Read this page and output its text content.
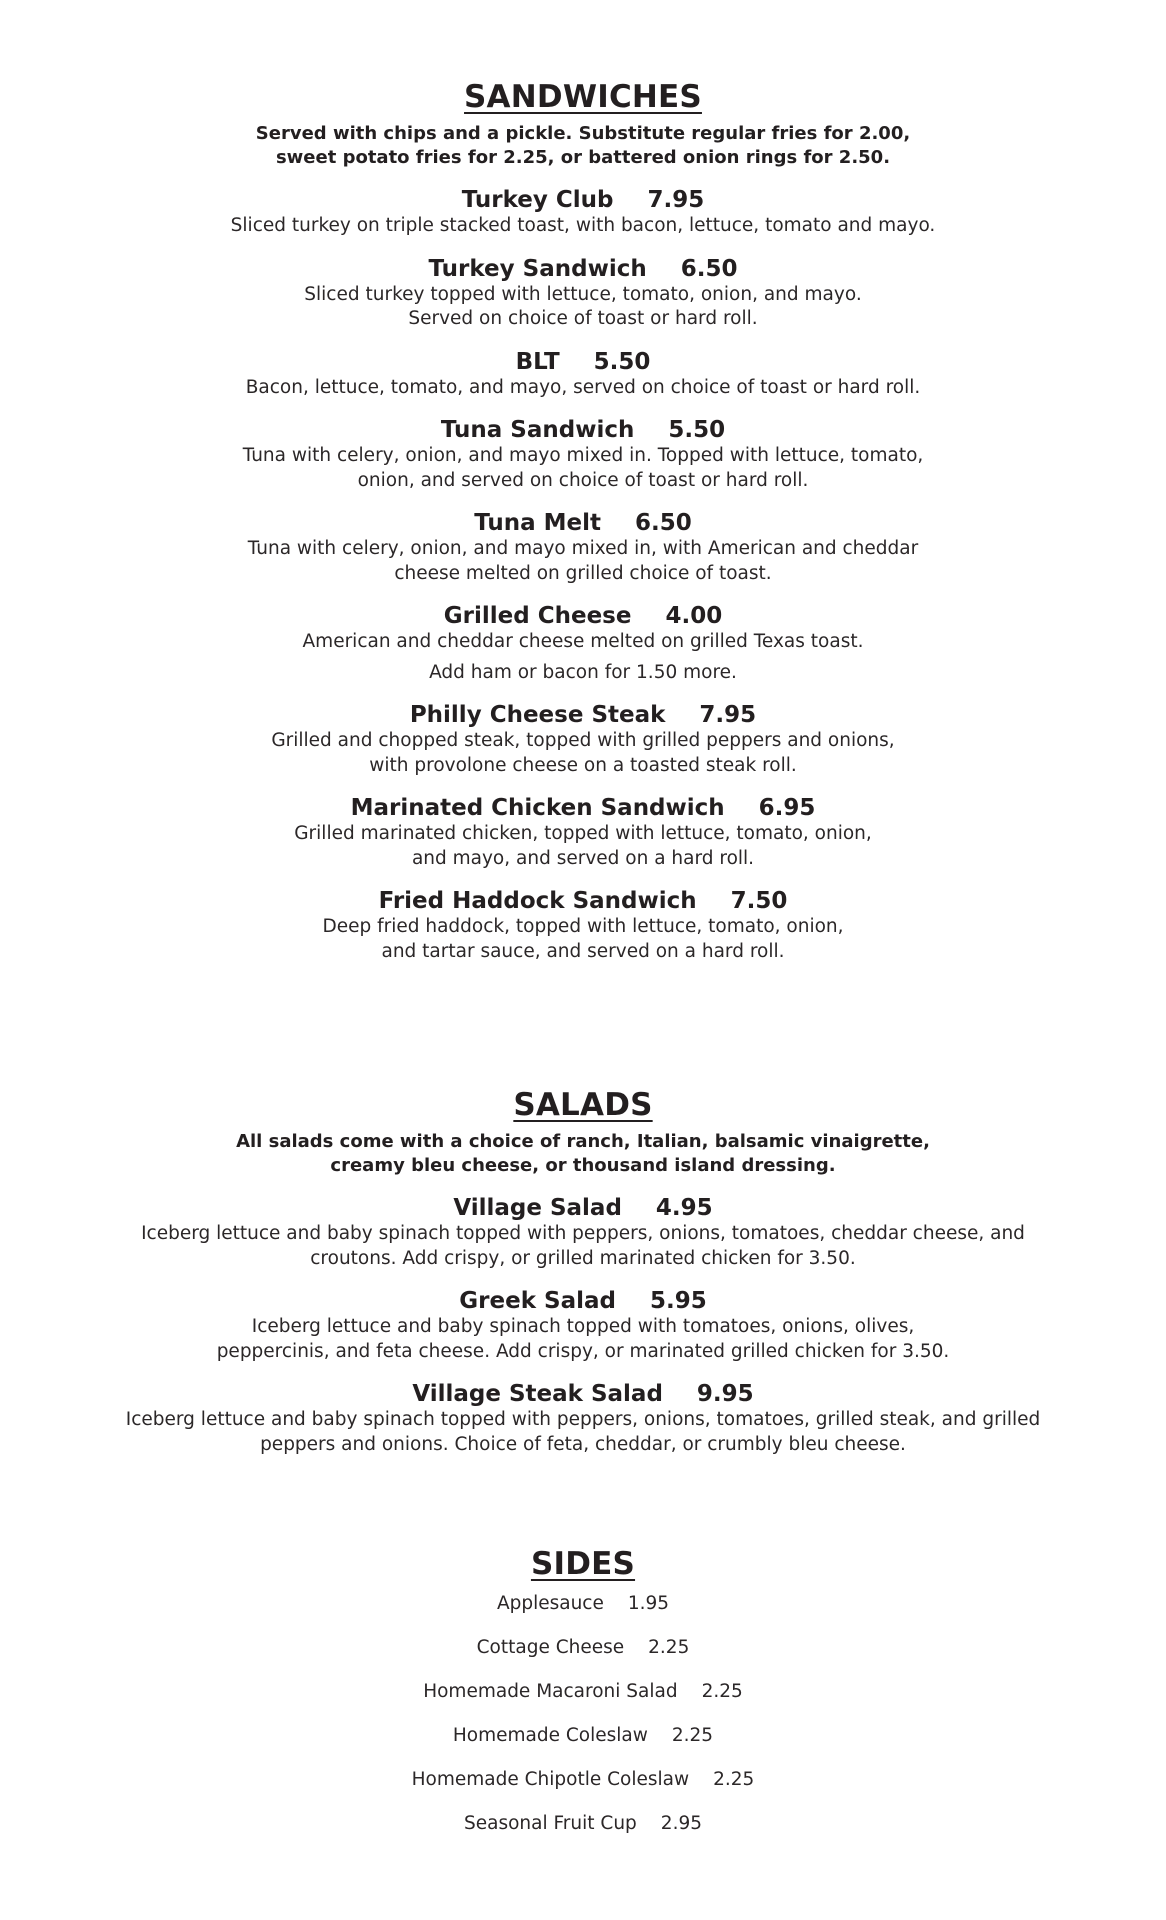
SANDWICHES
Served with chips and a pickle. Substitute regular fries for 2.00,
sweet potato fries for 2.25, or battered onion rings for 2.50.
Turkey Club 7.95
Sliced turkey on triple stacked toast, with bacon, lettuce, tomato and mayo.
Turkey Sandwich 6.50
Sliced turkey topped with lettuce, tomato, onion, and mayo.
Served on choice of toast or hard roll.
BLT 5.50
Bacon, lettuce, tomato, and mayo, served on choice of toast or hard roll.
Tuna Sandwich 5.50
Tuna with celery, onion, and mayo mixed in. Topped with lettuce, tomato,
onion, and served on choice of toast or hard roll.
Tuna Melt 6.50
Tuna with celery, onion, and mayo mixed in, with American and cheddar
cheese melted on grilled choice of toast.
Grilled Cheese 4.00
American and cheddar cheese melted on grilled Texas toast.
Add ham or bacon for 1.50 more.
Philly Cheese Steak 7.95
Grilled and chopped steak, topped with grilled peppers and onions,
with provolone cheese on a toasted steak roll.
Marinated Chicken Sandwich 6.95
Grilled marinated chicken, topped with lettuce, tomato, onion,
and mayo, and served on a hard roll.
Fried Haddock Sandwich 7.50
Deep fried haddock, topped with lettuce, tomato, onion,
and tartar sauce, and served on a hard roll.
SALADS
All salads come with a choice of ranch, Italian, balsamic vinaigrette,
creamy bleu cheese, or thousand island dressing.
Village Salad 4.95
Iceberg lettuce and baby spinach topped with peppers, onions, tomatoes, cheddar cheese, and
croutons. Add crispy, or grilled marinated chicken for 3.50.
Greek Salad 5.95
Iceberg lettuce and baby spinach topped with tomatoes, onions, olives,
peppercinis, and feta cheese. Add crispy, or marinated grilled chicken for 3.50.
Village Steak Salad 9.95
Iceberg lettuce and baby spinach topped with peppers, onions, tomatoes, grilled steak, and grilled
peppers and onions. Choice of feta, cheddar, or crumbly bleu cheese.
SIDES
Applesauce 1.95
Cottage Cheese 2.25
Homemade Macaroni Salad 2.25
Homemade Coleslaw 2.25
Homemade Chipotle Coleslaw 2.25
Seasonal Fruit Cup 2.95
